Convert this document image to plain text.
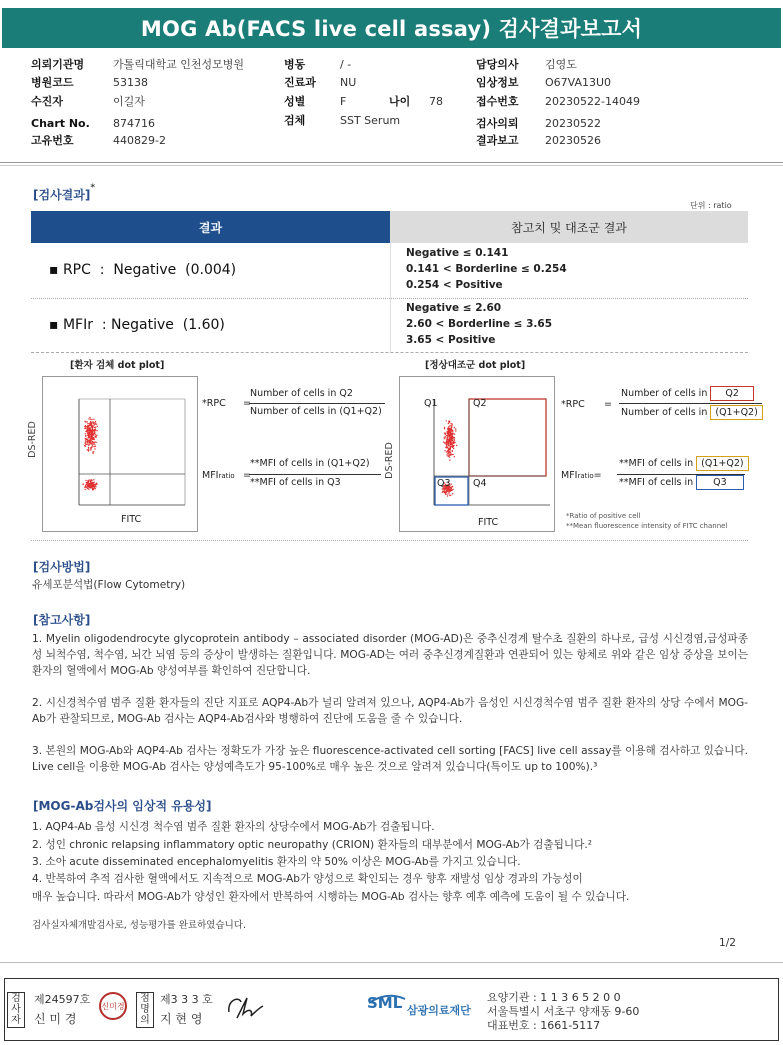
MOG Ab(FACS live cell assay) 검사결과보고서
의뢰기관명	가톨릭대학교 인천성모병원
병원코드	53138
수진자	이길자
Chart No. 874716
고유번호	440829-2
병동	/ -
진료과 NU
성별	F	나이 78
검체	SST Serum
담당의사 김영도
임상정보 O67VA13U0
접수번호 20230522-14049
검사의뢰 20230522
결과보고 20230526
[검사결과]*
단위 : ratio
결과	참고치 및 대조군 결과
▪ RPC  :  Negative  (0.004)
Negative ≤ 0.141
0.141 < Borderline ≤ 0.254
0.254 < Positive
▪ MFIr  : Negative  (1.60)
Negative ≤ 2.60
2.60 < Borderline ≤ 3.65
3.65 < Positive
[환자 검체 dot plot]	[정상대조군 dot plot]
DS-RED
FITC
Q1	Q2
Q3 Q4
DS-RED
FITC
*RPC =
Number of cells in Q2
Number of cells in (Q1+Q2)
MFIratio =
**MFI of cells in (Q1+Q2)
**MFI of cells in Q3
*RPC =
Number of cells in Q2
Number of cells in (Q1+Q2)
MFIratio=
**MFI of cells in (Q1+Q2)
**MFI of cells in Q3
*Ratio of positive cell
**Mean fluorescence intensity of FITC channel
[검사방법]
유세포분석법(Flow Cytometry)
[참고사항]
1. Myelin oligodendrocyte glycoprotein antibody – associated disorder (MOG-AD)은 중추신경계 탈수초 질환의 하나로, 급성 시신경염,급성파종성 뇌척수염, 척수염, 뇌간 뇌염 등의 증상이 발생하는 질환입니다. MOG-AD는 여러 중추신경계질환과 연관되어 있는 항체로 위와 같은 임상 증상을 보이는 환자의 혈액에서 MOG-Ab 양성여부를 확인하여 진단합니다.
2. 시신경척수염 범주 질환 환자들의 진단 지표로 AQP4-Ab가 널리 알려져 있으나, AQP4-Ab가 음성인 시신경척수염 범주 질환 환자의 상당 수에서 MOG-Ab가 관찰되므로, MOG-Ab 검사는 AQP4-Ab검사와 병행하여 진단에 도움을 줄 수 있습니다.
3. 본원의 MOG-Ab와 AQP4-Ab 검사는 정확도가 가장 높은 fluorescence-activated cell sorting [FACS] live cell assay를 이용해 검사하고 있습니다. Live cell을 이용한 MOG-Ab 검사는 양성예측도가 95-100%로 매우 높은 것으로 알려져 있습니다(특이도 up to 100%).³
[MOG-Ab검사의 임상적 유용성]
1. AQP4-Ab 음성 시신경 척수염 범주 질환 환자의 상당수에서 MOG-Ab가 검출됩니다.
2. 성인 chronic relapsing inflammatory optic neuropathy (CRION) 환자들의 대부분에서 MOG-Ab가 검출됩니다.²
3. 소아 acute disseminated encephalomyelitis 환자의 약 50% 이상은 MOG-Ab를 가지고 있습니다.
4. 반복하여 추적 검사한 혈액에서도 지속적으로 MOG-Ab가 양성으로 확인되는 경우 향후 재발성 임상 경과의 가능성이
매우 높습니다. 따라서 MOG-Ab가 양성인 환자에서 반복하여 시행하는 MOG-Ab 검사는 향후 예후 예측에 도움이 될 수 있습니다.
검사실자체개발검사로, 성능평가를 완료하였습니다.
1/2
검사자
제24597호
신 미 경
신미경
점명의
제3 3 3 호
지 현 영
SML 삼광의료재단
요양기관 : 1 1 3 6 5 2 0 0
서울특별시 서초구 양재동 9-60
대표번호 : 1661-5117
